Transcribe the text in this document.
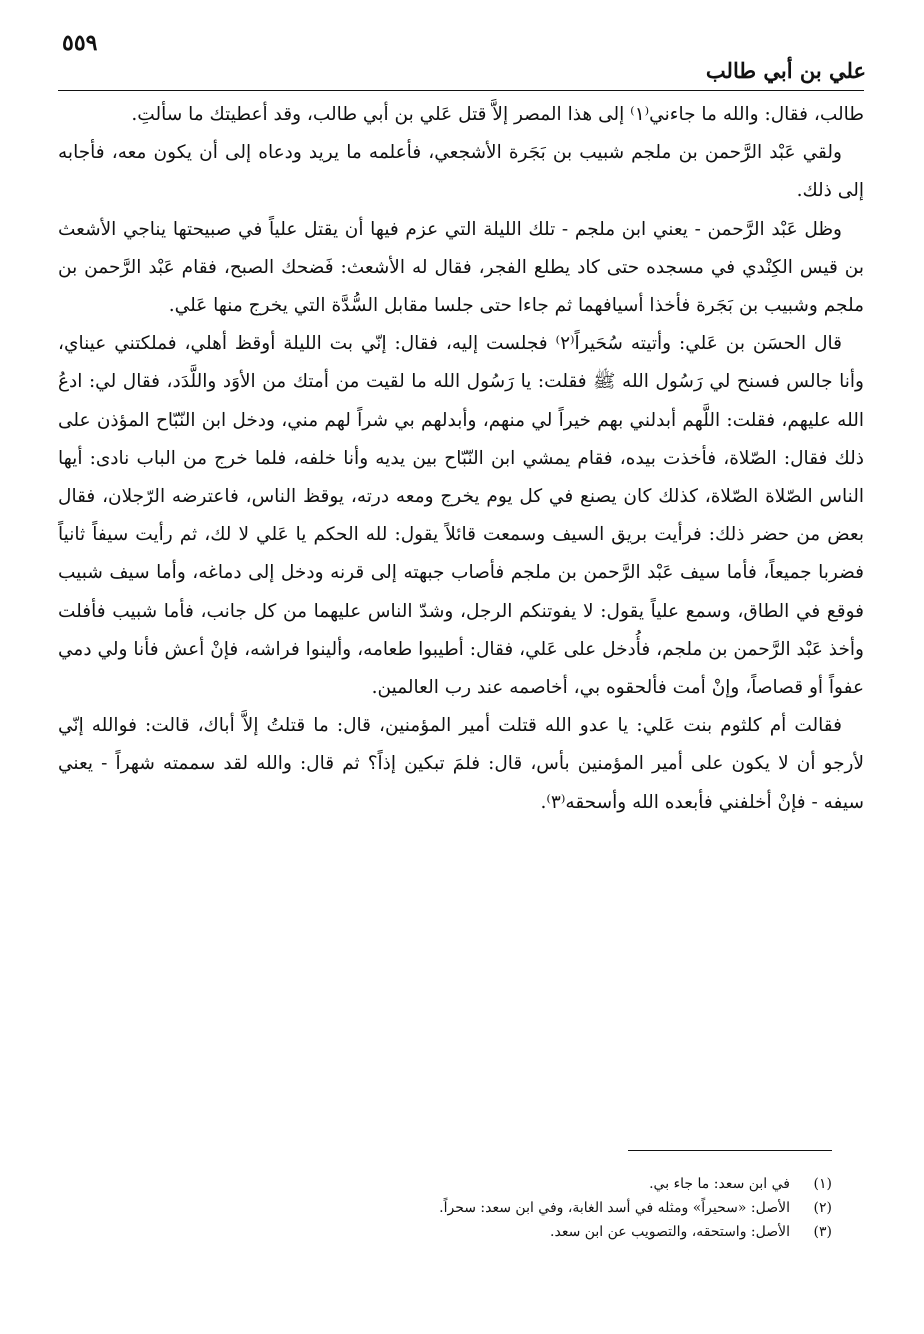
٥٥٩
علي بن أبي طالب

طالب، فقال: والله ما جاءني⁽١⁾ إلى هذا المصر إلاَّ قتل عَلي بن أبي طالب، وقد أعطيتك ما سألتِ.

ولقي عَبْد الرَّحمن بن ملجم شبيب بن بَجَرة الأشجعي، فأعلمه ما يريد ودعاه إلى أن يكون معه، فأجابه إلى ذلك.

وظل عَبْد الرَّحمن - يعني ابن ملجم - تلك الليلة التي عزم فيها أن يقتل علياً في صبيحتها يناجي الأشعث بن قيس الكِنْدي في مسجده حتى كاد يطلع الفجر، فقال له الأشعث: فَضحك الصبح، فقام عَبْد الرَّحمن بن ملجم وشبيب بن بَجَرة فأخذا أسيافهما ثم جاءا حتى جلسا مقابل السُّدَّة التي يخرج منها عَلي.

قال الحسَن بن عَلي: وأتيته سُحَيراً⁽٢⁾ فجلست إليه، فقال: إنّي بت الليلة أوقظ أهلي، فملكتني عيناي، وأنا جالس فسنح لي رَسُول الله ﷺ فقلت: يا رَسُول الله ما لقيت من أمتك من الأوَد واللَّدَد، فقال لي: ادعُ الله عليهم، فقلت: اللَّهم أبدلني بهم خيراً لي منهم، وأبدلهم بي شراً لهم مني، ودخل ابن النّبّاح المؤذن على ذلك فقال: الصّلاة، فأخذت بيده، فقام يمشي ابن النّبّاح بين يديه وأنا خلفه، فلما خرج من الباب نادى: أيها الناس الصّلاة الصّلاة، كذلك كان يصنع في كل يوم يخرج ومعه درته، يوقظ الناس، فاعترضه الرّجلان، فقال بعض من حضر ذلك: فرأيت بريق السيف وسمعت قائلاً يقول: لله الحكم يا عَلي لا لك، ثم رأيت سيفاً ثانياً فضربا جميعاً، فأما سيف عَبْد الرَّحمن بن ملجم فأصاب جبهته إلى قرنه ودخل إلى دماغه، وأما سيف شبيب فوقع في الطاق، وسمع علياً يقول: لا يفوتنكم الرجل، وشدّ الناس عليهما من كل جانب، فأما شبيب فأفلت وأخذ عَبْد الرَّحمن بن ملجم، فأُدخل على عَلي، فقال: أطيبوا طعامه، وألينوا فراشه، فإنْ أعش فأنا ولي دمي عفواً أو قصاصاً، وإنْ أمت فألحقوه بي، أخاصمه عند رب العالمين.

فقالت أم كلثوم بنت عَلي: يا عدو الله قتلت أمير المؤمنين، قال: ما قتلتُ إلاَّ أباك، قالت: فوالله إنّي لأرجو أن لا يكون على أمير المؤمنين بأس، قال: فلمَ تبكين إذاً؟ ثم قال: والله لقد سممته شهراً - يعني سيفه - فإنْ أخلفني فأبعده الله وأسحقه⁽٣⁾.

(١)
في ابن سعد: ما جاء بي.
(٢)
الأصل: «سحيراً» ومثله في أسد الغابة، وفي ابن سعد: سحراً.
(٣)
الأصل: واستحقه، والتصويب عن ابن سعد.
